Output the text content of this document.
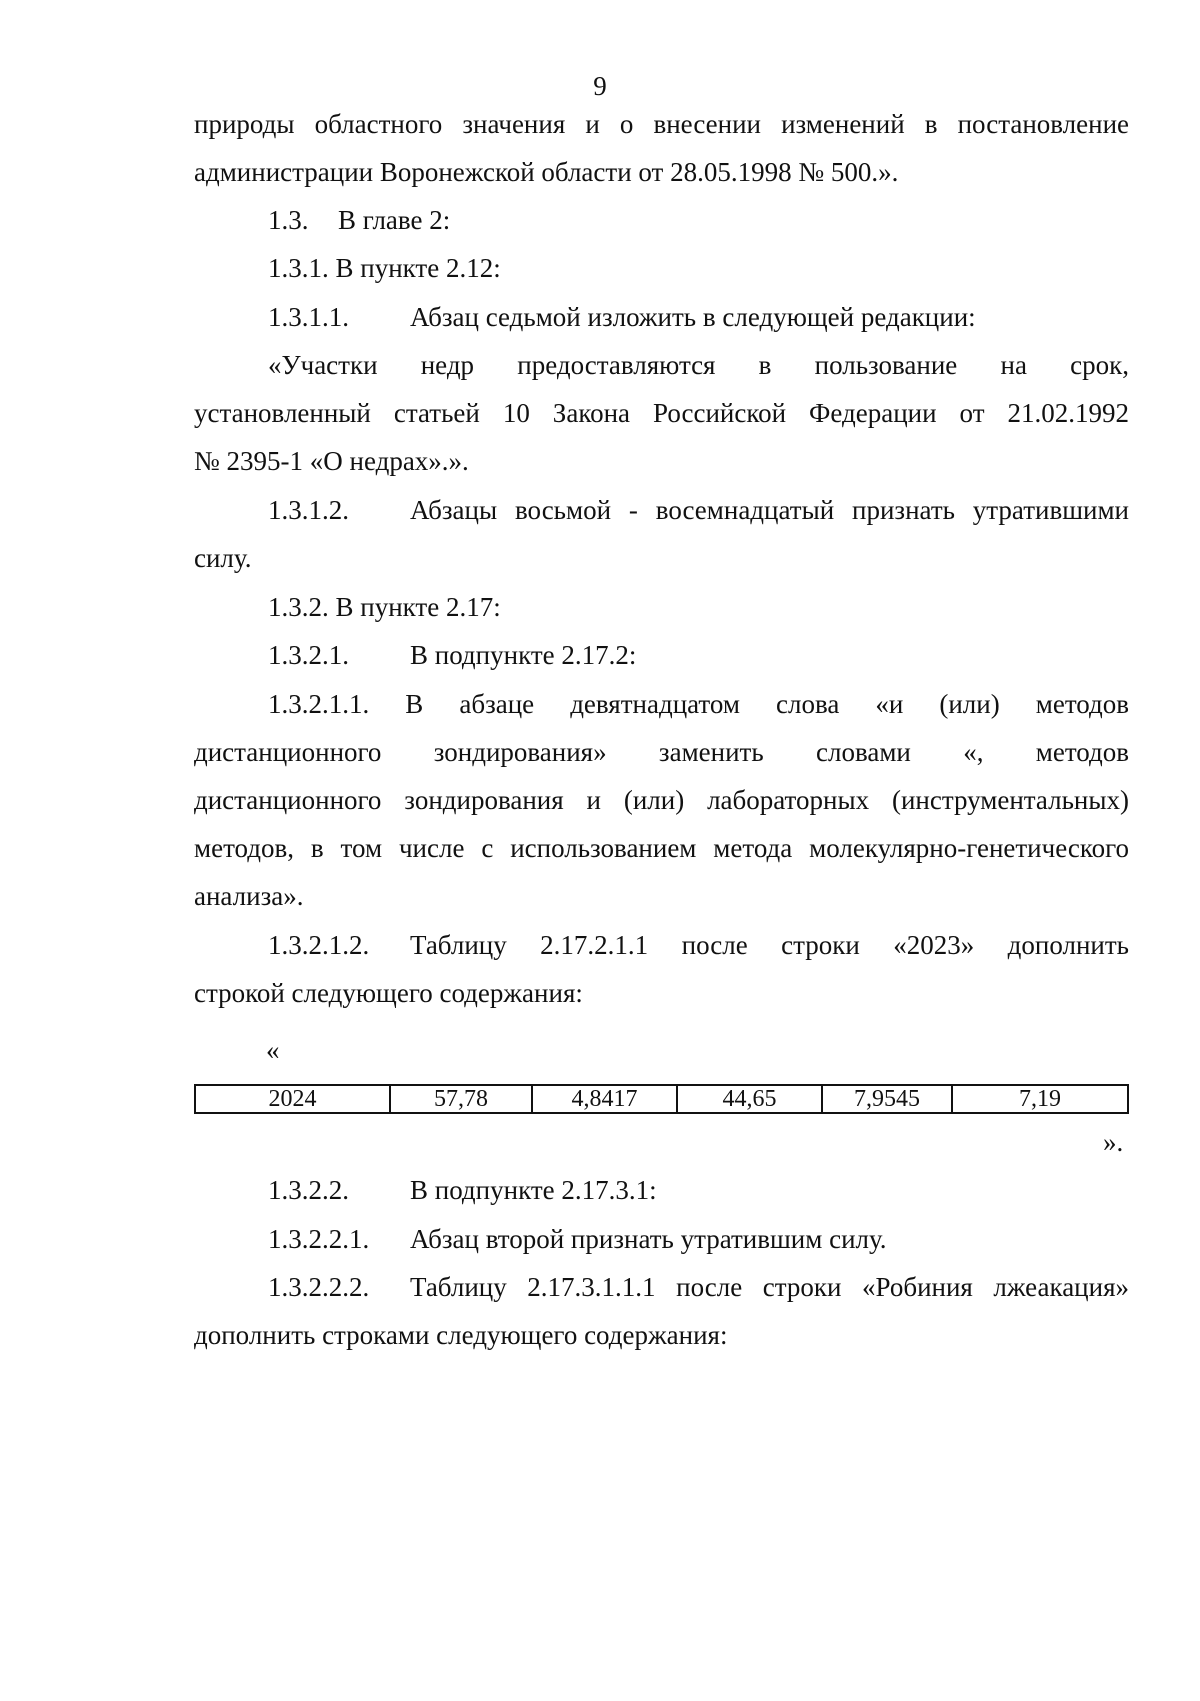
9
природы областного значения и о внесении изменений в постановление
администрации Воронежской области от 28.05.1998 № 500.».
1.3. В главе 2:
1.3.1. В пункте 2.12:
1.3.1.1. Абзац седьмой изложить в следующей редакции:
«Участки недр предоставляются в пользование на срок,
установленный статьей 10 Закона Российской Федерации от 21.02.1992
№ 2395-1 «О недрах».».
1.3.1.2. Абзацы восьмой - восемнадцатый признать утратившими
силу.
1.3.2. В пункте 2.17:
1.3.2.1. В подпункте 2.17.2:
1.3.2.1.1. В абзаце девятнадцатом слова «и (или) методов
дистанционного зондирования» заменить словами «, методов
дистанционного зондирования и (или) лабораторных (инструментальных)
методов, в том числе с использованием метода молекулярно-генетического
анализа».
1.3.2.1.2. Таблицу 2.17.2.1.1 после строки «2023» дополнить
строкой следующего содержания:
«
2024	57,78	4,8417	44,65	7,9545	7,19
».
1.3.2.2. В подпункте 2.17.3.1:
1.3.2.2.1. Абзац второй признать утратившим силу.
1.3.2.2.2. Таблицу 2.17.3.1.1.1 после строки «Робиния лжеакация»
дополнить строками следующего содержания:
